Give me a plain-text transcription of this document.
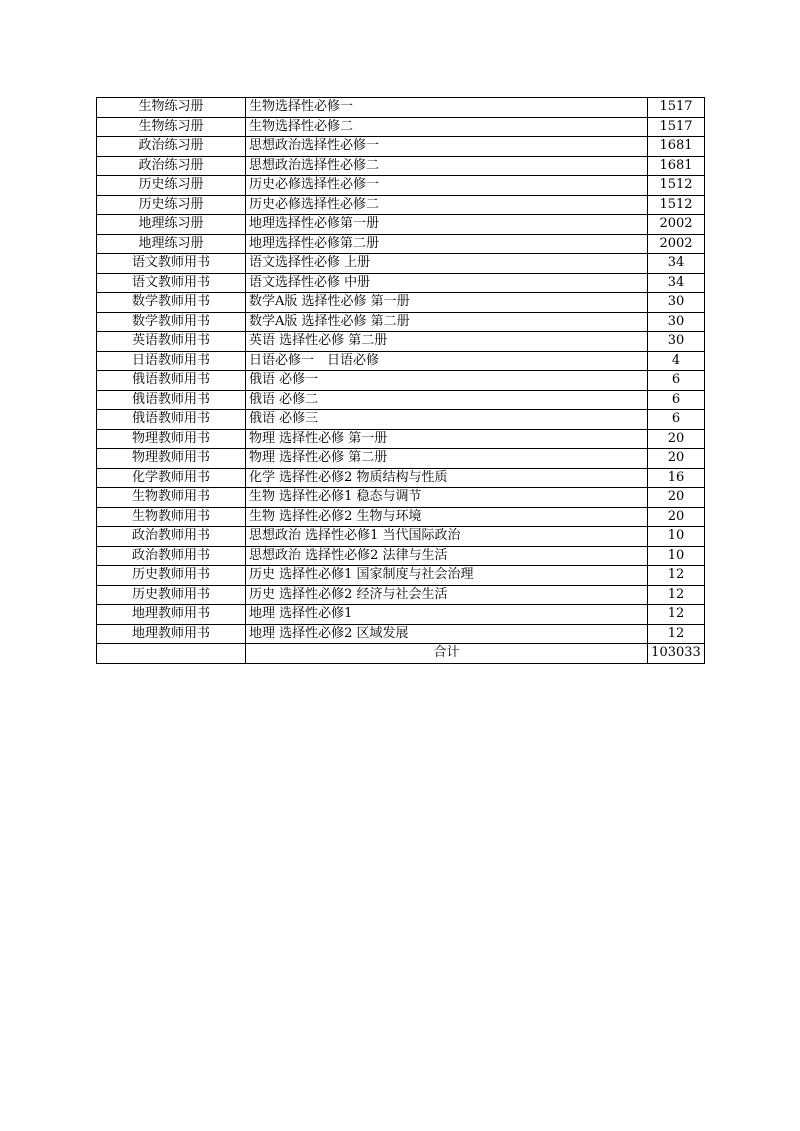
生物练习册	生物选择性必修一	1517
生物练习册	生物选择性必修二	1517
政治练习册	思想政治选择性必修一	1681
政治练习册	思想政治选择性必修二	1681
历史练习册	历史必修选择性必修一	1512
历史练习册	历史必修选择性必修二	1512
地理练习册	地理选择性必修第一册	2002
地理练习册	地理选择性必修第二册	2002
语文教师用书	语文选择性必修 上册	34
语文教师用书	语文选择性必修 中册	34
数学教师用书	数学A版 选择性必修 第一册	30
数学教师用书	数学A版 选择性必修 第二册	30
英语教师用书	英语 选择性必修 第二册	30
日语教师用书	日语必修一　日语必修	4
俄语教师用书	俄语 必修一	6
俄语教师用书	俄语 必修二	6
俄语教师用书	俄语 必修三	6
物理教师用书	物理 选择性必修 第一册	20
物理教师用书	物理 选择性必修 第二册	20
化学教师用书	化学 选择性必修2 物质结构与性质	16
生物教师用书	生物 选择性必修1 稳态与调节	20
生物教师用书	生物 选择性必修2 生物与环境	20
政治教师用书	思想政治 选择性必修1 当代国际政治	10
政治教师用书	思想政治 选择性必修2 法律与生活	10
历史教师用书	历史 选择性必修1 国家制度与社会治理	12
历史教师用书	历史 选择性必修2 经济与社会生活	12
地理教师用书	地理 选择性必修1	12
地理教师用书	地理 选择性必修2 区域发展	12
	合计	103033
